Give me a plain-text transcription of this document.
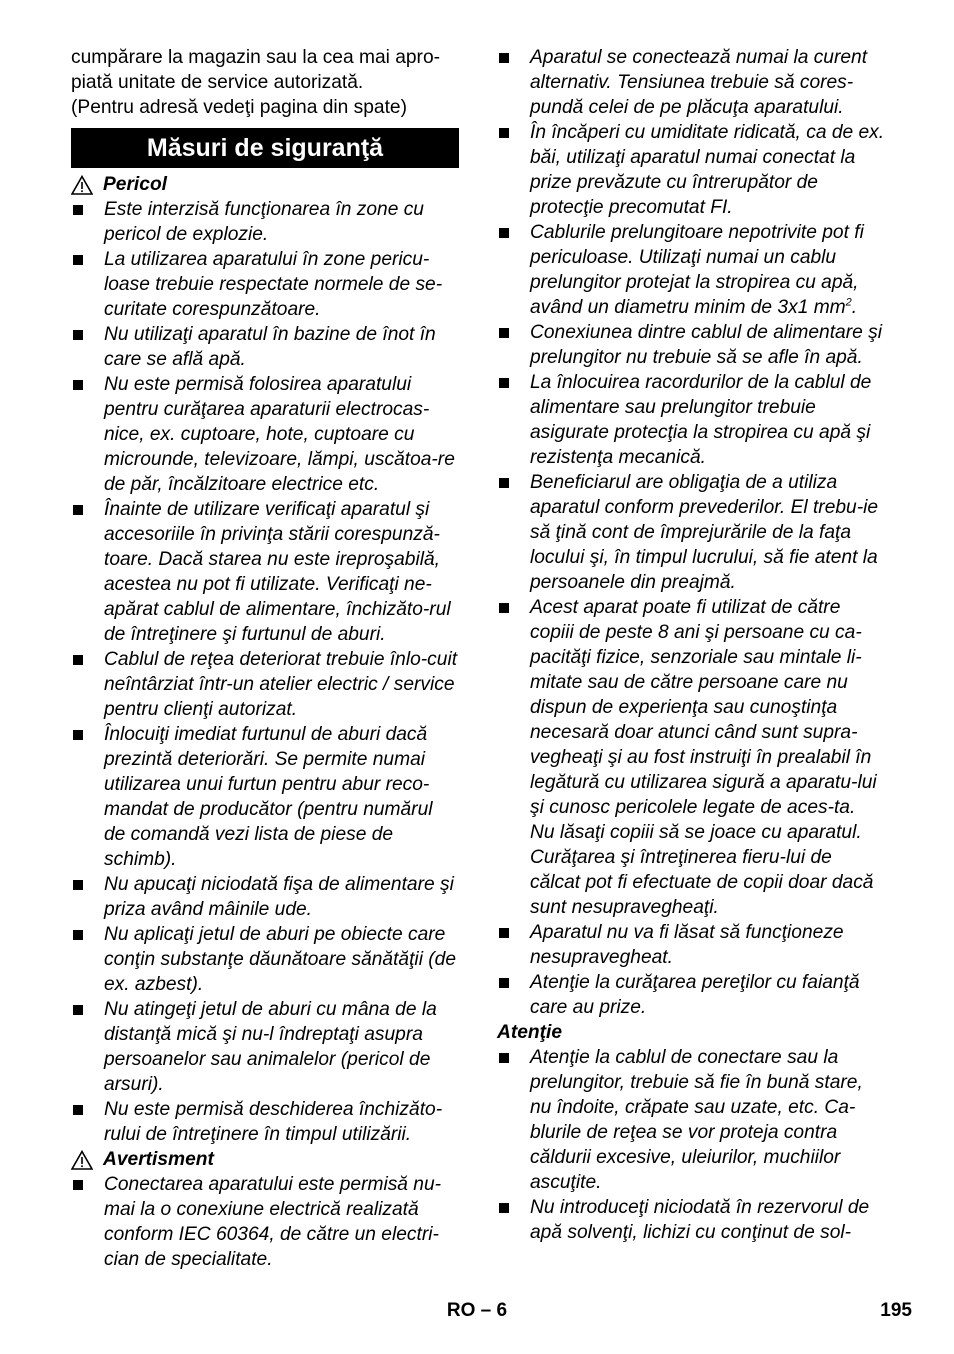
cumpărare la magazin sau la cea mai apro-

piată unitate de service autorizată.

(Pentru adresă vedeţi pagina din spate)

Măsuri de siguranţă
Pericol
Este interzisă funcţionarea în zone cu pericol de explozie.
La utilizarea aparatului în zone pericu-loase trebuie respectate normele de se-curitate corespunzătoare.
Nu utilizaţi aparatul în bazine de înot în care se află apă.
Nu este permisă folosirea aparatului pentru curăţarea aparaturii electrocas-nice, ex. cuptoare, hote, cuptoare cu microunde, televizoare, lămpi, uscătoa-re de păr, încălzitoare electrice etc.
Înainte de utilizare verificaţi aparatul şi accesoriile în privinţa stării corespunză-toare. Dacă starea nu este ireproşabilă, acestea nu pot fi utilizate. Verificaţi ne-apărat cablul de alimentare, închizăto-rul de întreţinere şi furtunul de aburi.
Cablul de reţea deteriorat trebuie înlo-cuit neîntârziat într-un atelier electric / service pentru clienţi autorizat.
Înlocuiţi imediat furtunul de aburi dacă prezintă deteriorări. Se permite numai utilizarea unui furtun pentru abur reco-mandat de producător (pentru numărul de comandă vezi lista de piese de schimb).
Nu apucaţi niciodată fişa de alimentare şi priza având mâinile ude.
Nu aplicaţi jetul de aburi pe obiecte care conţin substanţe dăunătoare sănătăţii (de ex. azbest).
Nu atingeţi jetul de aburi cu mâna de la distanţă mică şi nu-l îndreptaţi asupra persoanelor sau animalelor (pericol de arsuri).
Nu este permisă deschiderea închizăto-rului de întreţinere în timpul utilizării.
Avertisment
Conectarea aparatului este permisă nu-mai la o conexiune electrică realizată conform IEC 60364, de către un electri-cian de specialitate.
Aparatul se conectează numai la curent alternativ. Tensiunea trebuie să cores-pundă celei de pe plăcuţa aparatului.
În încăperi cu umiditate ridicată, ca de ex. băi, utilizaţi aparatul numai conectat la prize prevăzute cu întrerupător de protecţie precomutat FI.
Cablurile prelungitoare nepotrivite pot fi periculoase. Utilizaţi numai un cablu prelungitor protejat la stropirea cu apă, având un diametru minim de 3x1 $mm^2$.
Conexiunea dintre cablul de alimentare şi prelungitor nu trebuie să se afle în apă.
La înlocuirea racordurilor de la cablul de alimentare sau prelungitor trebuie asigurate protecţia la stropirea cu apă şi rezistenţa mecanică.
Beneficiarul are obligaţia de a utiliza aparatul conform prevederilor. El trebu-ie să ţină cont de împrejurările de la faţa locului şi, în timpul lucrului, să fie atent la persoanele din preajmă.
Acest aparat poate fi utilizat de către copiii de peste 8 ani şi persoane cu ca-pacităţi fizice, senzoriale sau mintale li-mitate sau de către persoane care nu dispun de experienţa sau cunoştinţa necesară doar atunci când sunt supra-vegheaţi şi au fost instruiţi în prealabil în legătură cu utilizarea sigură a aparatu-lui şi cunosc pericolele legate de aces-ta. Nu lăsaţi copiii să se joace cu aparatul. Curăţarea şi întreţinerea fieru-lui de călcat pot fi efectuate de copii doar dacă sunt nesupravegheaţi.
Aparatul nu va fi lăsat să funcţioneze nesupravegheat.
Atenţie la curăţarea pereţilor cu faianţă care au prize.
Atenţie
Atenţie la cablul de conectare sau la prelungitor, trebuie să fie în bună stare, nu îndoite, crăpate sau uzate, etc. Ca-blurile de reţea se vor proteja contra căldurii excesive, uleiurilor, muchiilor ascuţite.
Nu introduceţi niciodată în rezervorul de apă solvenţi, lichizi cu conţinut de sol-
RO – 6	195
